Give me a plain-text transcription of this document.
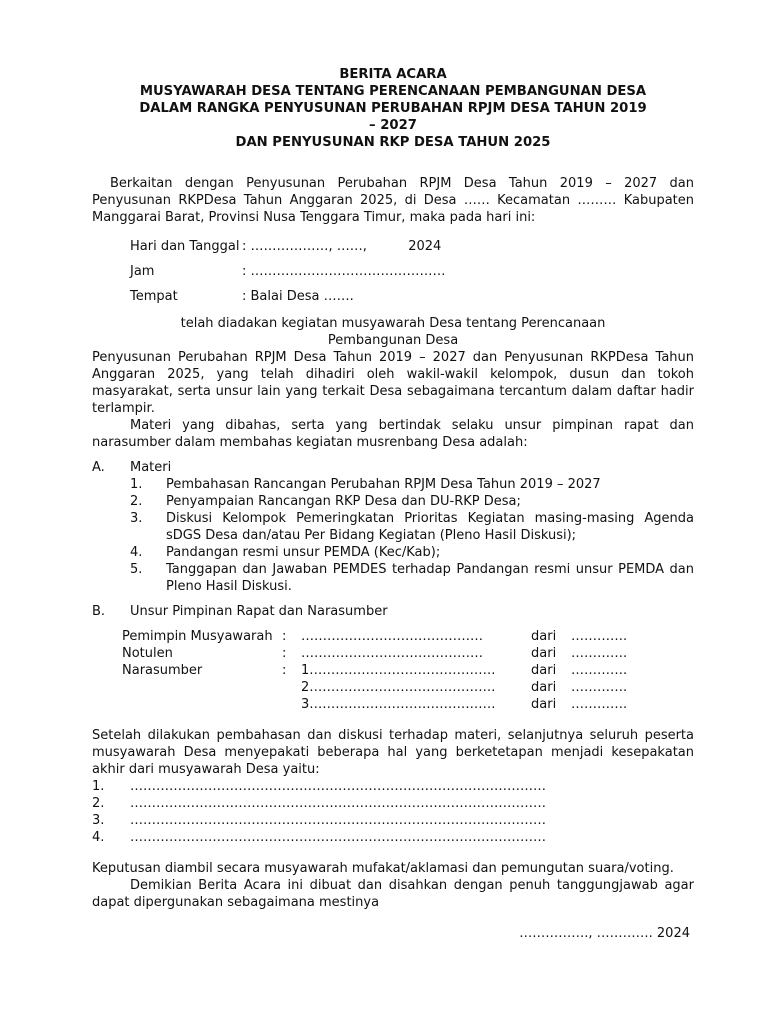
BERITA ACARA
MUSYAWARAH DESA TENTANG PERENCANAAN PEMBANGUNAN DESA
DALAM RANGKA PENYUSUNAN PERUBAHAN RPJM DESA TAHUN 2019
– 2027
DAN PENYUSUNAN RKP DESA TAHUN 2025

Berkaitan dengan Penyusunan Perubahan RPJM Desa Tahun 2019 – 2027 dan Penyusunan RKPDesa Tahun Anggaran 2025, di Desa …… Kecamatan ……… Kabupaten Manggarai Barat, Provinsi Nusa Tenggara Timur, maka pada hari ini:

Hari dan Tanggal : ………………, ……,          2024
Jam	: ………………………………………
Tempat	: Balai Desa …….
telah diadakan kegiatan musyawarah Desa tentang Perencanaan Pembangunan Desa

Penyusunan Perubahan RPJM Desa Tahun 2019 – 2027 dan Penyusunan RKPDesa Tahun Anggaran 2025, yang telah dihadiri oleh wakil-wakil kelompok, dusun dan tokoh masyarakat, serta unsur lain yang terkait Desa sebagaimana tercantum dalam daftar hadir terlampir.

Materi yang dibahas, serta yang bertindak selaku unsur pimpinan rapat dan narasumber dalam membahas kegiatan musrenbang Desa adalah:

A.	Materi
1.	Pembahasan Rancangan Perubahan RPJM Desa Tahun 2019 – 2027
2.	Penyampaian Rancangan RKP Desa dan DU-RKP Desa;
3.	Diskusi Kelompok Pemeringkatan Prioritas Kegiatan masing-masing Agenda sDGS Desa dan/atau Per Bidang Kegiatan (Pleno Hasil Diskusi);
4.	Pandangan resmi unsur PEMDA (Kec/Kab);
5.	Tanggapan dan Jawaban PEMDES terhadap Pandangan resmi unsur PEMDA dan Pleno Hasil Diskusi.
B.	Unsur Pimpinan Rapat dan Narasumber
Pemimpin Musyawarah :	……………………………………	dari	………….
Notulen	:	……………………………………	dari	………….
Narasumber	:	1…………………………………….	dari	………….
2…………………………………….	dari	………….
3…………………………………….	dari	………….

Setelah dilakukan pembahasan dan diskusi terhadap materi, selanjutnya seluruh peserta musyawarah Desa menyepakati beberapa hal yang berketetapan menjadi kesepakatan akhir dari musyawarah Desa yaitu:

1.	……………………………………………………………………………………
2.	……………………………………………………………………………………
3.	……………………………………………………………………………………
4.	……………………………………………………………………………………

Keputusan diambil secara musyawarah mufakat/aklamasi dan pemungutan suara/voting.

Demikian Berita Acara ini dibuat dan disahkan dengan penuh tanggungjawab agar dapat dipergunakan sebagaimana mestinya

……………., …………. 2024
